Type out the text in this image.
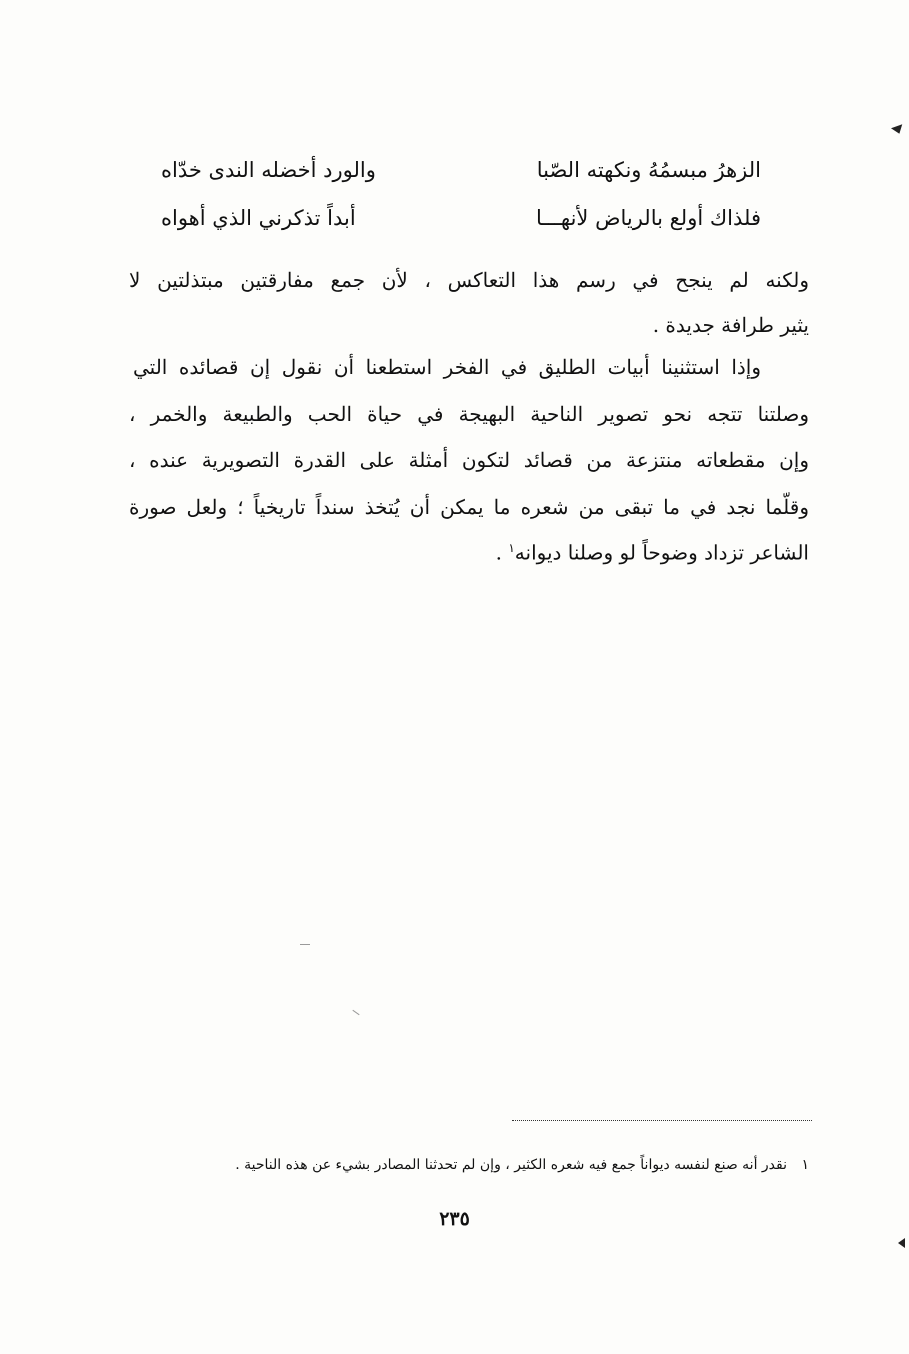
الزهرُ مبسمُهُ ونكهته الصّبا
والورد أخضله الندى خدّاه
فلذاك أولع بالرياض لأنهـــا
أبداً تذكرني الذي أهواه
ولكنه لم ينجح في رسم هذا التعاكس ، لأن جمع مفارقتين مبتذلتين لا
يثير طرافة جديدة .
وإذا استثنينا أبيات الطليق في الفخر استطعنا أن نقول إن قصائده التي
وصلتنا تتجه نحو تصوير الناحية البهيجة في حياة الحب والطبيعة والخمر ،
وإن مقطعاته منتزعة من قصائد لتكون أمثلة على القدرة التصويرية عنده ،
وقلّما نجد في ما تبقى من شعره ما يمكن أن يُتخذ سنداً تاريخياً ؛ ولعل صورة
الشاعر تزداد وضوحاً لو وصلنا ديوانه$^١$ .
١ نقدر أنه صنع لنفسه ديواناً جمع فيه شعره الكثير ، وإن لم تحدثنا المصادر بشيء عن هذه الناحية .
٢٣٥
